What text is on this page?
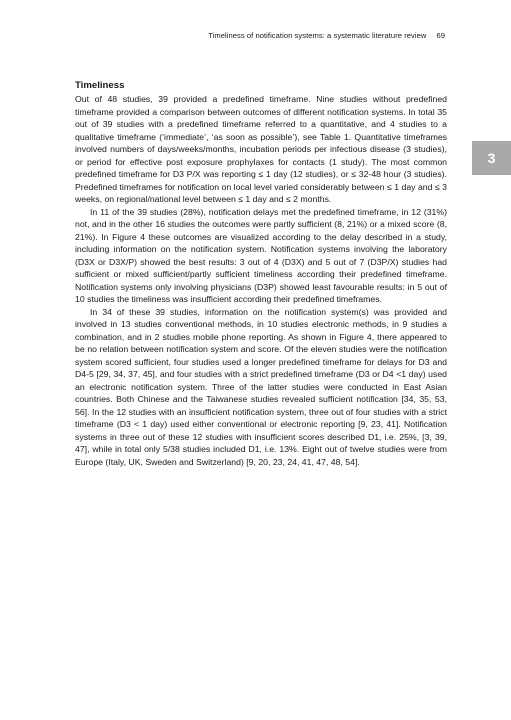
Timeliness of notification systems: a systematic literature review 69
3
Timeliness

Out of 48 studies, 39 provided a predefined timeframe. Nine studies without predefined timeframe provided a comparison between outcomes of different notification systems. In total 35 out of 39 studies with a predefined timeframe referred to a quantitative, and 4 studies to a qualitative timeframe (‘immediate’, ‘as soon as possible’), see Table 1. Quantitative timeframes involved numbers of days/weeks/months, incubation periods per infectious disease (3 studies), or period for effective post exposure prophylaxes for contacts (1 study). The most common predefined timeframe for D3 P/X was reporting ≤ 1 day (12 studies), or ≤ 32-48 hour (3 studies). Predefined timeframes for notification on local level varied considerably between ≤ 1 day and ≤ 3 weeks, on regional/national level between ≤ 1 day and ≤ 2 months.

In 11 of the 39 studies (28%), notification delays met the predefined timeframe, in 12 (31%) not, and in the other 16 studies the outcomes were partly sufficient (8, 21%) or a mixed score (8, 21%). In Figure 4 these outcomes are visualized according to the delay described in a study, including information on the notification system. Notification systems involving the laboratory (D3X or D3X/P) showed the best results: 3 out of 4 (D3X) and 5 out of 7 (D3P/X) studies had sufficient or mixed sufficient/partly sufficient timeliness according their predefined timeframe. Notification systems only involving physicians (D3P) showed least favourable results: in 5 out of 10 studies the timeliness was insufficient according their predefined timeframes.

In 34 of these 39 studies, information on the notification system(s) was provided and involved in 13 studies conventional methods, in 10 studies electronic methods, in 9 studies a combination, and in 2 studies mobile phone reporting. As shown in Figure 4, there appeared to be no relation between notification system and score. Of the eleven studies were the notification system scored sufficient, four studies used a longer predefined timeframe for delays for D3 and D4-5 [29, 34, 37, 45], and four studies with a strict predefined timeframe (D3 or D4 <1 day) used an electronic notification system. Three of the latter studies were conducted in East Asian countries. Both Chinese and the Taiwanese studies revealed sufficient notification [34, 35, 53, 56]. In the 12 studies with an insufficient notification system, three out of four studies with a strict timeframe (D3 < 1 day) used either conventional or electronic reporting [9, 23, 41]. Notification systems in three out of these 12 studies with insufficient scores described D1, i.e. 25%, [3, 39, 47], while in total only 5/38 studies included D1, i.e. 13%. Eight out of twelve studies were from Europe (Italy, UK, Sweden and Switzerland) [9, 20, 23, 24, 41, 47, 48, 54].
